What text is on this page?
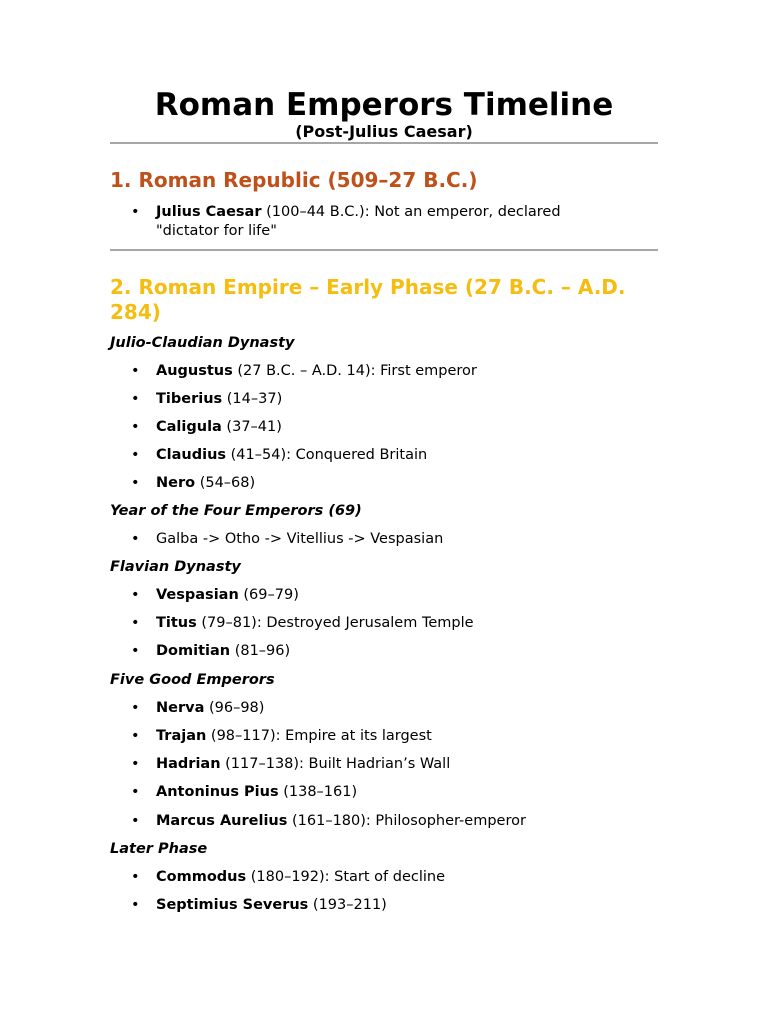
Roman Emperors Timeline
(Post-Julius Caesar)
1. Roman Republic (509–27 B.C.)
• Julius Caesar (100–44 B.C.): Not an emperor, declared "dictator for life"
2. Roman Empire – Early Phase (27 B.C. – A.D. 284)
Julio-Claudian Dynasty
• Augustus (27 B.C. – A.D. 14): First emperor
• Tiberius (14–37)
• Caligula (37–41)
• Claudius (41–54): Conquered Britain
• Nero (54–68)
Year of the Four Emperors (69)
• Galba -> Otho -> Vitellius -> Vespasian
Flavian Dynasty
• Vespasian (69–79)
• Titus (79–81): Destroyed Jerusalem Temple
• Domitian (81–96)
Five Good Emperors
• Nerva (96–98)
• Trajan (98–117): Empire at its largest
• Hadrian (117–138): Built Hadrian’s Wall
• Antoninus Pius (138–161)
• Marcus Aurelius (161–180): Philosopher-emperor
Later Phase
• Commodus (180–192): Start of decline
• Septimius Severus (193–211)
